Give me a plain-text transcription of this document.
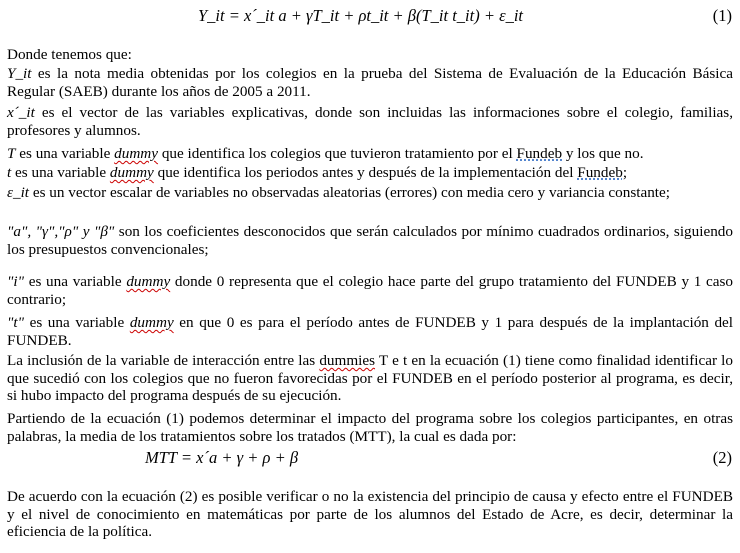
Y_it = x´_it a + γT_it + ρt_it + β(T_it t_it) + ε_it	(1)
Donde tenemos que:
Y_it es la nota media obtenidas por los colegios en la prueba del Sistema de Evaluación de la Educación Básica Regular (SAEB) durante los años de 2005 a 2011.
x´_it es el vector de las variables explicativas, donde son incluidas las informaciones sobre el colegio, familias, profesores y alumnos.
T es una variable dummy que identifica los colegios que tuvieron tratamiento por el Fundeb y los que no.
t es una variable dummy que identifica los periodos antes y después de la implementación del Fundeb;
ε_it es un vector escalar de variables no observadas aleatorias (errores) con media cero y variancia constante;
"a", "γ","ρ" y "β" son los coeficientes desconocidos que serán calculados por mínimo cuadrados ordinarios, siguiendo los presupuestos convencionales;
"i" es una variable dummy donde 0 representa que el colegio hace parte del grupo tratamiento del FUNDEB y 1 caso contrario;
"t" es una variable dummy en que 0 es para el período antes de FUNDEB y 1 para después de la implantación del FUNDEB.
La inclusión de la variable de interacción entre las dummies T e t en la ecuación (1) tiene como finalidad identificar lo que sucedió con los colegios que no fueron favorecidas por el FUNDEB en el período posterior al programa, es decir, si hubo impacto del programa después de su ejecución.
Partiendo de la ecuación (1) podemos determinar el impacto del programa sobre los colegios participantes, en otras palabras, la media de los tratamientos sobre los tratados (MTT), la cual es dada por:
MTT = x´a + γ + ρ + β	(2)
De acuerdo con la ecuación (2) es posible verificar o no la existencia del principio de causa y efecto entre el FUNDEB y el nivel de conocimiento en matemáticas por parte de los alumnos del Estado de Acre, es decir, determinar la eficiencia de la política.
